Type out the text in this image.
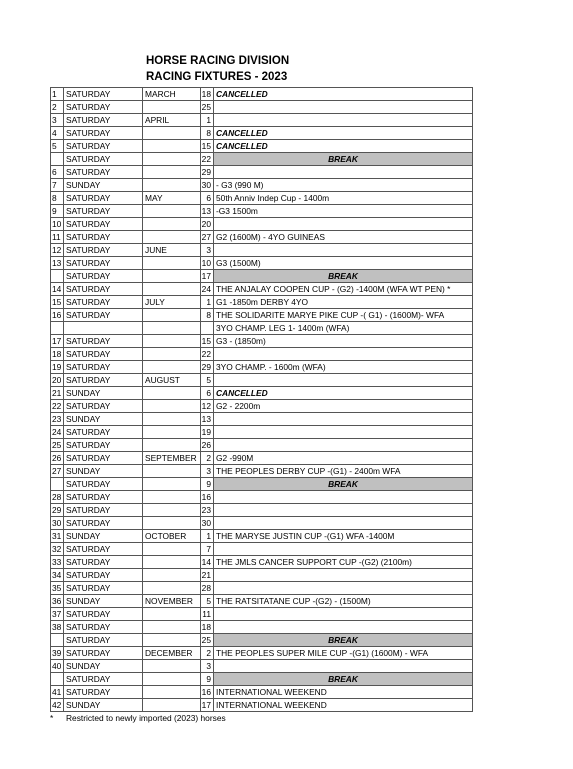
HORSE RACING DIVISION
RACING FIXTURES - 2023
1	SATURDAY	MARCH	18	CANCELLED
2	SATURDAY		25	
3	SATURDAY	APRIL	1	
4	SATURDAY		8	CANCELLED
5	SATURDAY		15	CANCELLED
	SATURDAY		22	BREAK
6	SATURDAY		29	
7	SUNDAY		30	- G3 (990 M)
8	SATURDAY	MAY	6	50th Anniv Indep Cup - 1400m
9	SATURDAY		13	-G3 1500m
10	SATURDAY		20	
11	SATURDAY		27	G2 (1600M) - 4YO GUINEAS
12	SATURDAY	JUNE	3	
13	SATURDAY		10	G3 (1500M)
	SATURDAY		17	BREAK
14	SATURDAY		24	THE ANJALAY COOPEN CUP - (G2) -1400M (WFA WT PEN) *
15	SATURDAY	JULY	1	G1 -1850m DERBY 4YO
16	SATURDAY		8	THE SOLIDARITE MARYE PIKE CUP -( G1) - (1600M)- WFA
				3YO CHAMP. LEG 1- 1400m (WFA)
17	SATURDAY		15	G3 - (1850m)
18	SATURDAY		22	
19	SATURDAY		29	3YO CHAMP. - 1600m (WFA)
20	SATURDAY	AUGUST	5	
21	SUNDAY		6	CANCELLED
22	SATURDAY		12	G2 - 2200m
23	SUNDAY		13	
24	SATURDAY		19	
25	SATURDAY		26	
26	SATURDAY	SEPTEMBER	2	G2 -990M
27	SUNDAY		3	THE PEOPLES DERBY CUP -(G1) - 2400m WFA
	SATURDAY		9	BREAK
28	SATURDAY		16	
29	SATURDAY		23	
30	SATURDAY		30	
31	SUNDAY	OCTOBER	1	THE MARYSE JUSTIN CUP -(G1) WFA -1400M
32	SATURDAY		7	
33	SATURDAY		14	THE JMLS CANCER SUPPORT CUP -(G2) (2100m)
34	SATURDAY		21	
35	SATURDAY		28	
36	SUNDAY	NOVEMBER	5	THE RATSITATANE CUP -(G2) - (1500M)
37	SATURDAY		11	
38	SATURDAY		18	
	SATURDAY		25	BREAK
39	SATURDAY	DECEMBER	2	THE PEOPLES SUPER MILE CUP -(G1) (1600M) - WFA
40	SUNDAY		3	
	SATURDAY		9	BREAK
41	SATURDAY		16	INTERNATIONAL WEEKEND
42	SUNDAY		17	INTERNATIONAL WEEKEND
* Restricted to newly imported (2023) horses
